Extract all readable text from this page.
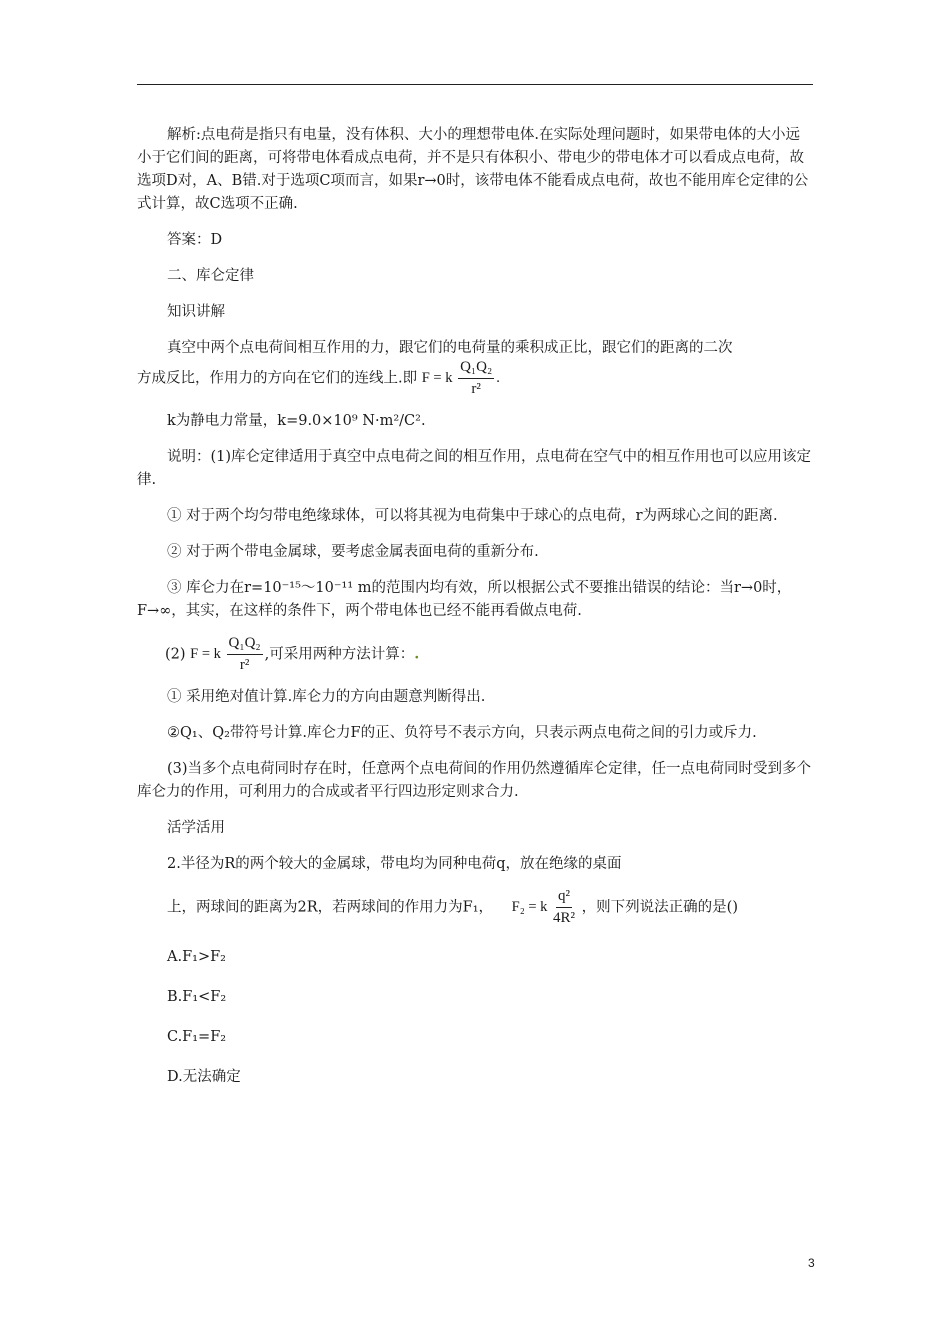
解析:点电荷是指只有电量，没有体积、大小的理想带电体.在实际处理问题时，如果带电体的大小远小于它们间的距离，可将带电体看成点电荷，并不是只有体积小、带电少的带电体才可以看成点电荷，故选项D对，A、B错.对于选项C项而言，如果r→0时，该带电体不能看成点电荷，故也不能用库仑定律的公式计算，故C选项不正确.

答案：D

二、库仑定律

知识讲解

真空中两个点电荷间相互作用的力，跟它们的电荷量的乘积成正比，跟它们的距离的二次
方成反比，作用力的方向在它们的连线上.即 F = k $\frac{\text{Q₁Q₂}}{\text{r²}}$ .

k为静电力常量，k=9.0×10⁹ N·m²/C².

说明：(1)库仑定律适用于真空中点电荷之间的相互作用，点电荷在空气中的相互作用也可以应用该定律.

① 对于两个均匀带电绝缘球体，可以将其视为电荷集中于球心的点电荷，r为两球心之间的距离.

② 对于两个带电金属球，要考虑金属表面电荷的重新分布.

③ 库仑力在r=10⁻¹⁵～10⁻¹¹ m的范围内均有效，所以根据公式不要推出错误的结论：当r→0时，F→∞，其实，在这样的条件下，两个带电体也已经不能再看做点电荷.

(2) F = k $\frac{\text{Q₁Q₂}}{\text{r²}}$ ,可采用两种方法计算：.

① 采用绝对值计算.库仑力的方向由题意判断得出.

②Q₁、Q₂带符号计算.库仑力F的正、负符号不表示方向，只表示两点电荷之间的引力或斥力.

(3)当多个点电荷同时存在时，任意两个点电荷间的作用仍然遵循库仑定律，任一点电荷同时受到多个库仑力的作用，可利用力的合成或者平行四边形定则求合力.

活学活用

2.半径为R的两个较大的金属球，带电均为同种电荷q，放在绝缘的桌面

上，两球间的距离为2R，若两球间的作用力为F₁， F₂ = k $\frac{\text{q²}}{\text{4R²}}$ ，则下列说法正确的是()

A.F₁>F₂

B.F₁<F₂

C.F₁=F₂

D.无法确定

3
